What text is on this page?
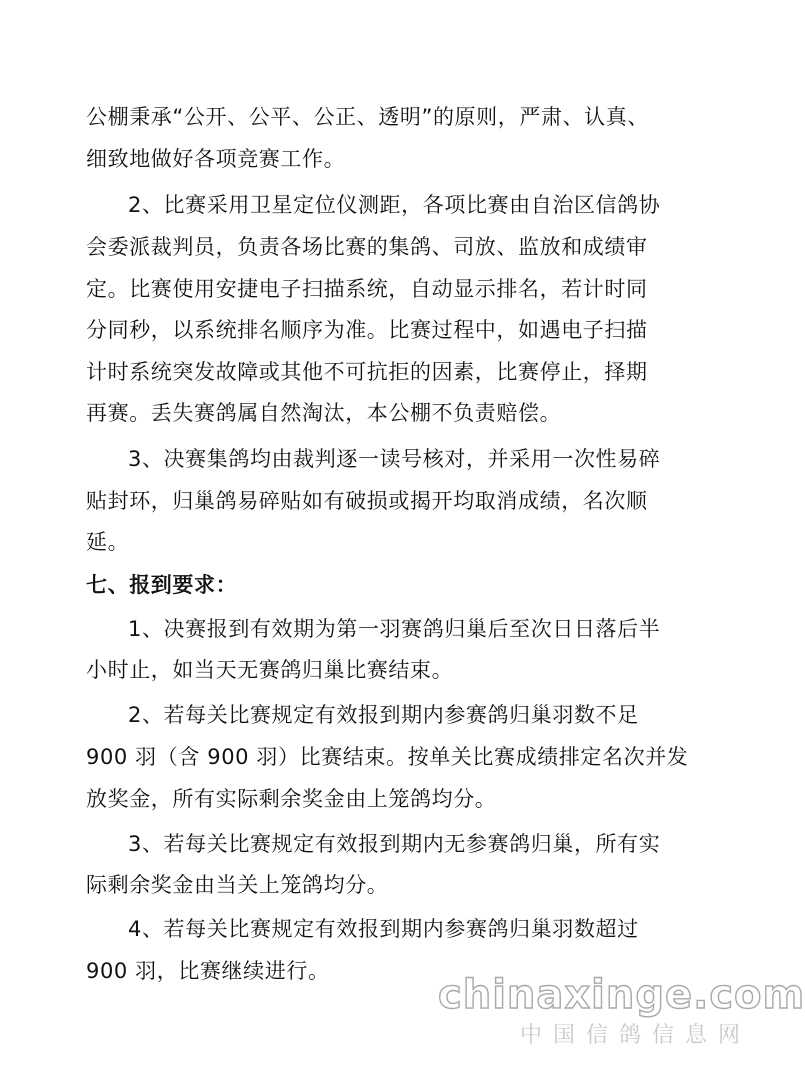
公棚秉承“公开、公平、公正、透明”的原则，严肃、认真、
细致地做好各项竞赛工作。
2、比赛采用卫星定位仪测距，各项比赛由自治区信鸽协
会委派裁判员，负责各场比赛的集鸽、司放、监放和成绩审
定。比赛使用安捷电子扫描系统，自动显示排名，若计时同
分同秒，以系统排名顺序为准。比赛过程中，如遇电子扫描
计时系统突发故障或其他不可抗拒的因素，比赛停止，择期
再赛。丢失赛鸽属自然淘汰，本公棚不负责赔偿。
3、决赛集鸽均由裁判逐一读号核对，并采用一次性易碎
贴封环，归巢鸽易碎贴如有破损或揭开均取消成绩，名次顺
延。
七、报到要求：
1、决赛报到有效期为第一羽赛鸽归巢后至次日日落后半
小时止，如当天无赛鸽归巢比赛结束。
2、若每关比赛规定有效报到期内参赛鸽归巢羽数不足
900 羽（含 900 羽）比赛结束。按单关比赛成绩排定名次并发
放奖金，所有实际剩余奖金由上笼鸽均分。
3、若每关比赛规定有效报到期内无参赛鸽归巢，所有实
际剩余奖金由当关上笼鸽均分。
4、若每关比赛规定有效报到期内参赛鸽归巢羽数超过
900 羽，比赛继续进行。
chinaxinge.com
中国信鸽信息网
